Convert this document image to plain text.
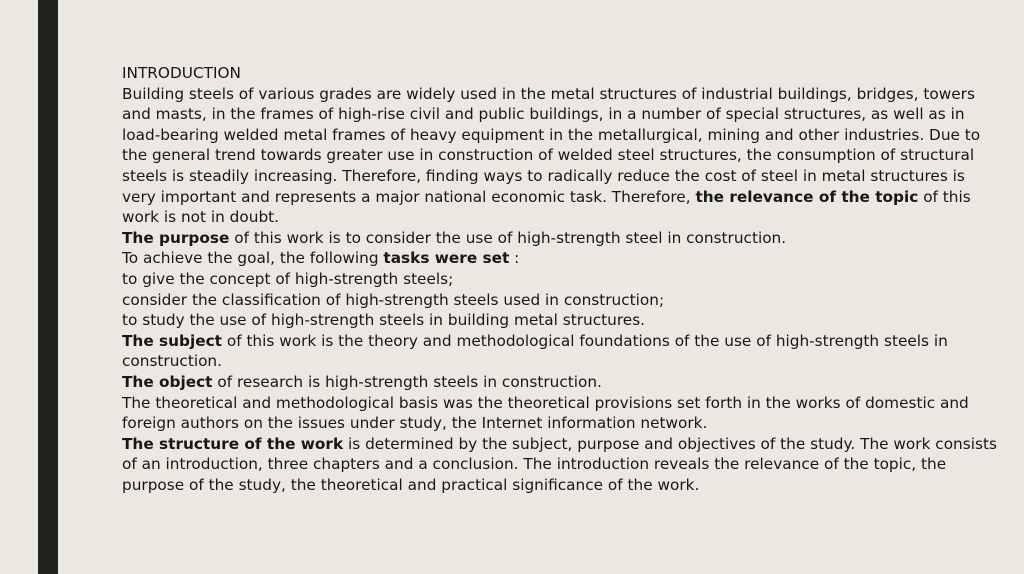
INTRODUCTION

Building steels of various grades are widely used in the metal structures of industrial buildings, bridges, towers and masts, in the frames of high-rise civil and public buildings, in a number of special structures, as well as in load-bearing welded metal frames of heavy equipment in the metallurgical, mining and other industries. Due to the general trend towards greater use in construction of welded steel structures, the consumption of structural steels is steadily increasing. Therefore, finding ways to radically reduce the cost of steel in metal structures is very important and represents a major national economic task. Therefore, the relevance of the topic of this work is not in doubt.

The purpose of this work is to consider the use of high-strength steel in construction.

To achieve the goal, the following tasks were set :

to give the concept of high-strength steels;

consider the classification of high-strength steels used in construction;

to study the use of high-strength steels in building metal structures.

The subject of this work is the theory and methodological foundations of the use of high-strength steels in construction.

The object of research is high-strength steels in construction.

The theoretical and methodological basis was the theoretical provisions set forth in the works of domestic and foreign authors on the issues under study, the Internet information network.

The structure of the work is determined by the subject, purpose and objectives of the study. The work consists of an introduction, three chapters and a conclusion. The introduction reveals the relevance of the topic, the purpose of the study, the theoretical and practical significance of the work.
